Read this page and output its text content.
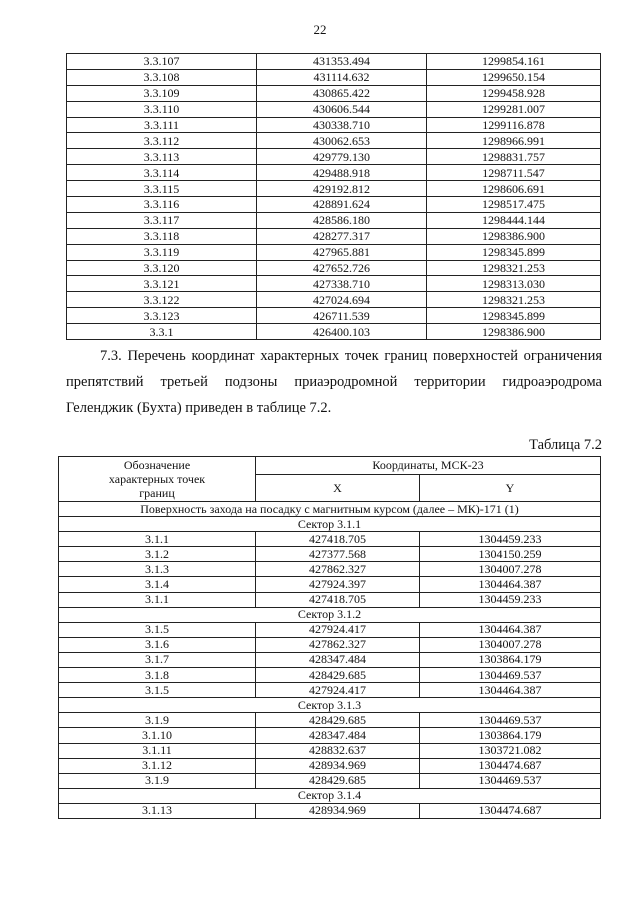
22
3.3.107	431353.494	1299854.161
3.3.108	431114.632	1299650.154
3.3.109	430865.422	1299458.928
3.3.110	430606.544	1299281.007
3.3.111	430338.710	1299116.878
3.3.112	430062.653	1298966.991
3.3.113	429779.130	1298831.757
3.3.114	429488.918	1298711.547
3.3.115	429192.812	1298606.691
3.3.116	428891.624	1298517.475
3.3.117	428586.180	1298444.144
3.3.118	428277.317	1298386.900
3.3.119	427965.881	1298345.899
3.3.120	427652.726	1298321.253
3.3.121	427338.710	1298313.030
3.3.122	427024.694	1298321.253
3.3.123	426711.539	1298345.899
3.3.1	426400.103	1298386.900
7.3. Перечень координат характерных точек границ поверхностей ограничения
препятствий третьей подзоны приаэродромной территории гидроаэродрома
Геленджик (Бухта) приведен в таблице 7.2.
Таблица 7.2
Обозначение характерных точек границ	Координаты, МСК-23	
	X	Y
Поверхность захода на посадку с магнитным курсом (далее – МК)-171 (1)		
Сектор 3.1.1		
3.1.1	427418.705	1304459.233
3.1.2	427377.568	1304150.259
3.1.3	427862.327	1304007.278
3.1.4	427924.397	1304464.387
3.1.1	427418.705	1304459.233
Сектор 3.1.2		
3.1.5	427924.417	1304464.387
3.1.6	427862.327	1304007.278
3.1.7	428347.484	1303864.179
3.1.8	428429.685	1304469.537
3.1.5	427924.417	1304464.387
Сектор 3.1.3		
3.1.9	428429.685	1304469.537
3.1.10	428347.484	1303864.179
3.1.11	428832.637	1303721.082
3.1.12	428934.969	1304474.687
3.1.9	428429.685	1304469.537
Сектор 3.1.4		
3.1.13	428934.969	1304474.687
